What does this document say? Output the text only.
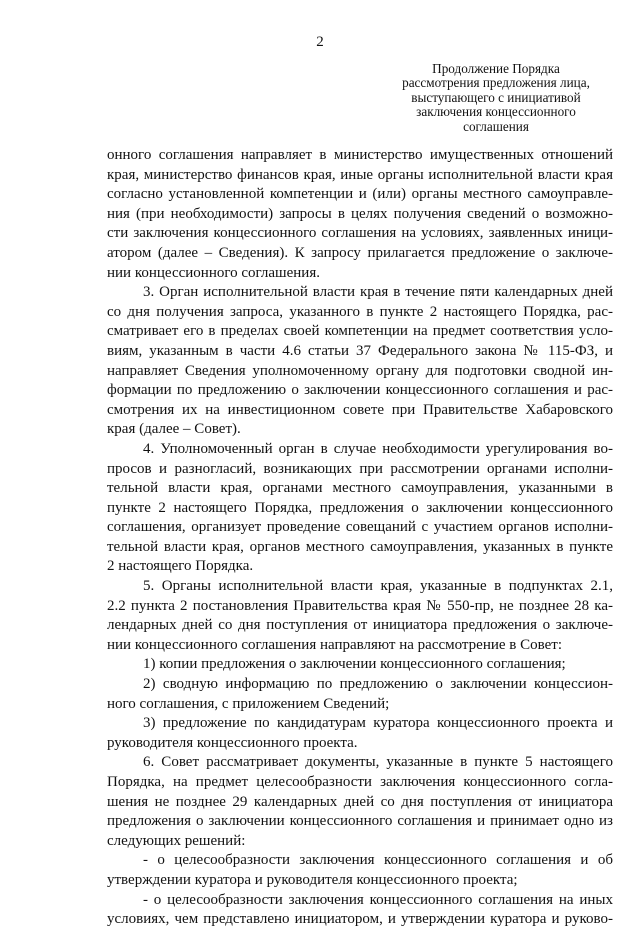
2
Продолжение Порядка
рассмотрения предложения лица,
выступающего с инициативой
заключения концессионного
соглашения
онного соглашения направляет в министерство имущественных отношений
края, министерство финансов края, иные органы исполнительной власти края
согласно установленной компетенции и (или) органы местного самоуправле-
ния (при необходимости) запросы в целях получения сведений о возможно-
сти заключения концессионного соглашения на условиях, заявленных иници-
атором (далее – Сведения). К запросу прилагается предложение о заключе-
нии концессионного соглашения.
3. Орган исполнительной власти края в течение пяти календарных дней
со дня получения запроса, указанного в пункте 2 настоящего Порядка, рас-
сматривает его в пределах своей компетенции на предмет соответствия усло-
виям, указанным в части 4.6 статьи 37 Федерального закона № 115-ФЗ, и
направляет Сведения уполномоченному органу для подготовки сводной ин-
формации по предложению о заключении концессионного соглашения и рас-
смотрения их на инвестиционном совете при Правительстве Хабаровского
края (далее – Совет).
4. Уполномоченный орган в случае необходимости урегулирования во-
просов и разногласий, возникающих при рассмотрении органами исполни-
тельной власти края, органами местного самоуправления, указанными в
пункте 2 настоящего Порядка, предложения о заключении концессионного
соглашения, организует проведение совещаний с участием органов исполни-
тельной власти края, органов местного самоуправления, указанных в пункте
2 настоящего Порядка.
5. Органы исполнительной власти края, указанные в подпунктах 2.1,
2.2 пункта 2 постановления Правительства края № 550-пр, не позднее 28 ка-
лендарных дней со дня поступления от инициатора предложения о заключе-
нии концессионного соглашения направляют на рассмотрение в Совет:
1) копии предложения о заключении концессионного соглашения;
2) сводную информацию по предложению о заключении концессион-
ного соглашения, с приложением Сведений;
3) предложение по кандидатурам куратора концессионного проекта и
руководителя концессионного проекта.
6. Совет рассматривает документы, указанные в пункте 5 настоящего
Порядка, на предмет целесообразности заключения концессионного согла-
шения не позднее 29 календарных дней со дня поступления от инициатора
предложения о заключении концессионного соглашения и принимает одно из
следующих решений:
- о целесообразности заключения концессионного соглашения и об
утверждении куратора и руководителя концессионного проекта;
- о целесообразности заключения концессионного соглашения на иных
условиях, чем представлено инициатором, и утверждении куратора и руково-
